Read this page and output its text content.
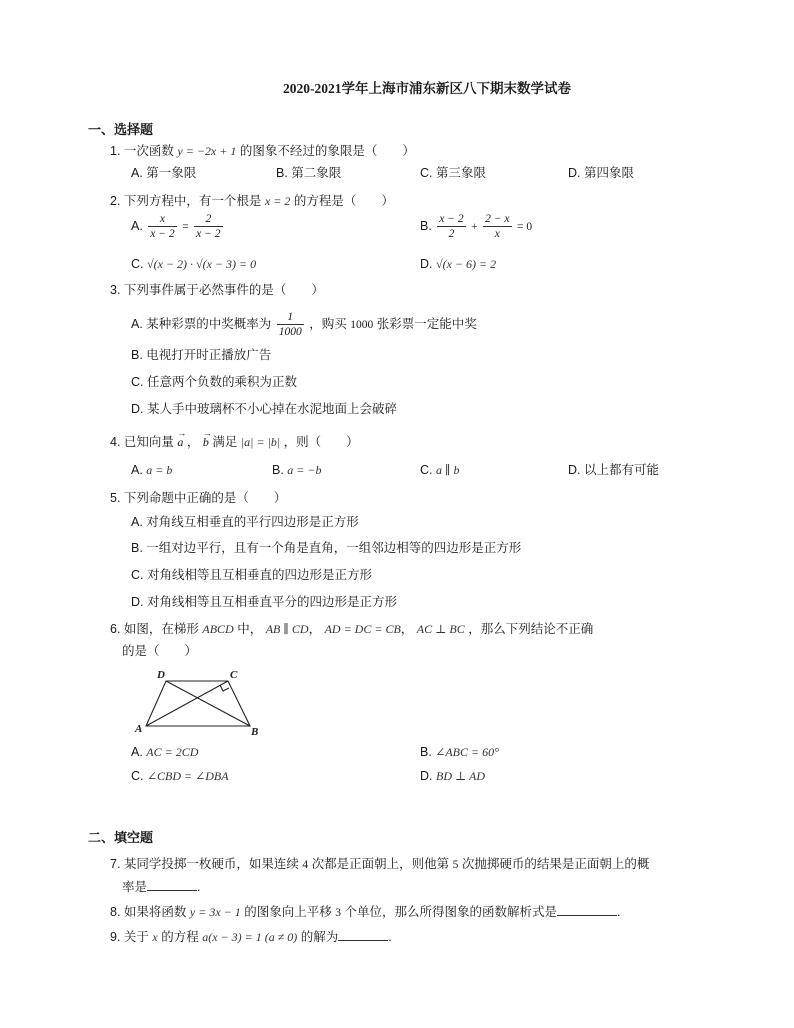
2020-2021学年上海市浦东新区八下期末数学试卷
一、选择题
1. 一次函数 y = −2x + 1 的图象不经过的象限是（　　）
A. 第一象限	B. 第二象限	C. 第三象限	D. 第四象限
2. 下列方程中，有一个根是 x = 2 的方程是（　　）
A. $\frac{x}{x - 2} = \frac{2}{x - 2}$	B. $\frac{x - 2}{2} + \frac{2 - x}{x} = 0$
C. √(x − 2) · √(x − 3) = 0	D. √(x − 6) = 2
3. 下列事件属于必然事件的是（　　）
A. 某种彩票的中奖概率为 $\frac{1}{1000}$ ，购买 1000 张彩票一定能中奖
B. 电视打开时正播放广告
C. 任意两个负数的乘积为正数
D. 某人手中玻璃杯不小心掉在水泥地面上会破碎
4. 已知向量 → a ， → b 满足 |a| = |b| ，则（　　）
A. a = b	B. a = −b	C. a ∥ b	D. 以上都有可能
5. 下列命题中正确的是（　　）
A. 对角线互相垂直的平行四边形是正方形
B. 一组对边平行，且有一个角是直角，一组邻边相等的四边形是正方形
C. 对角线相等且互相垂直的四边形是正方形
D. 对角线相等且互相垂直平分的四边形是正方形
6. 如图，在梯形 ABCD 中， AB ∥ CD， AD = DC = CB， AC ⊥ BC ，那么下列结论不正确
的是（　　）
D	C
A	B
A. AC = 2CD	B. ∠ABC = 60°
C. ∠CBD = ∠DBA	D. BD ⊥ AD
二、填空题
7. 某同学投掷一枚硬币，如果连续 4 次都是正面朝上，则他第 5 次抛掷硬币的结果是正面朝上的概
率是	.
8. 如果将函数 y = 3x − 1 的图象向上平移 3 个单位，那么所得图象的函数解析式是	.
9. 关于 x 的方程 a(x − 3) = 1 (a ≠ 0) 的解为	.
